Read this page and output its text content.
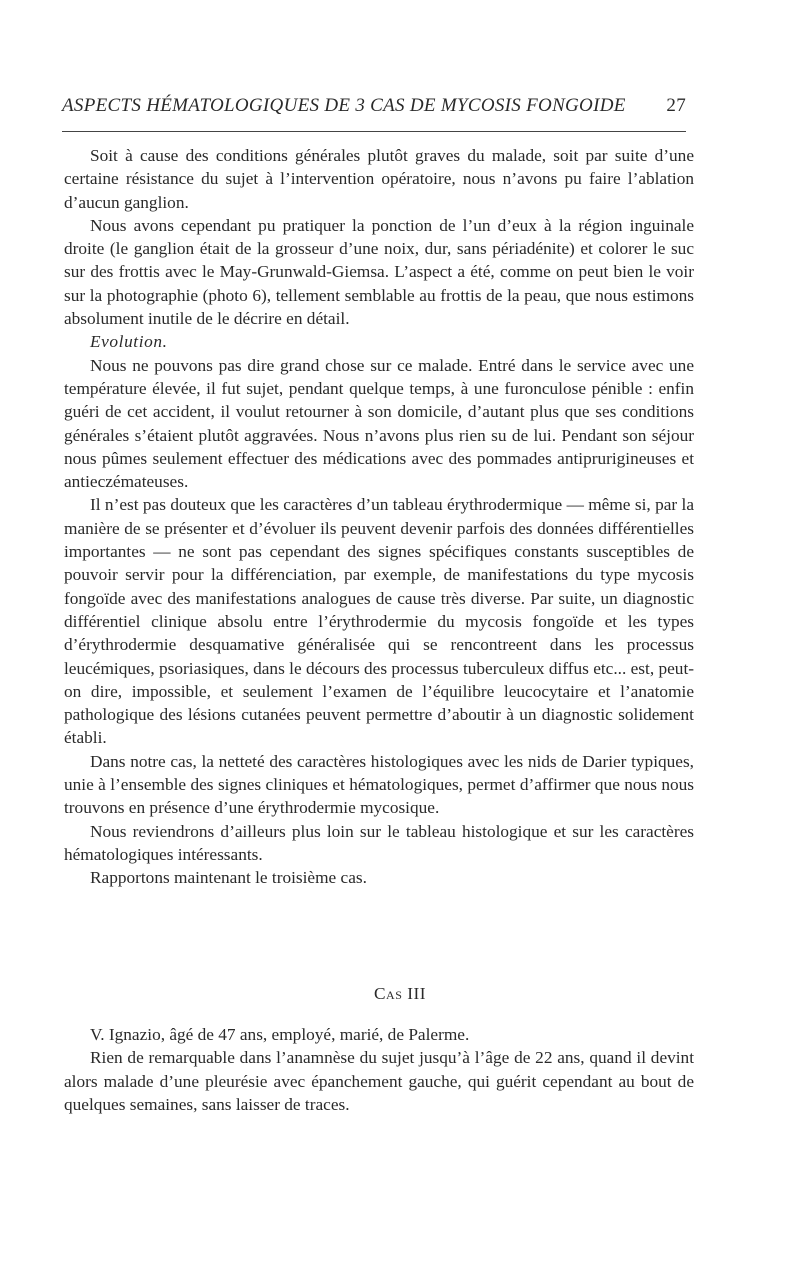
ASPECTS HÉMATOLOGIQUES DE 3 CAS DE MYCOSIS FONGOIDE 27

Soit à cause des conditions générales plutôt graves du malade, soit par suite d’une certaine résistance du sujet à l’intervention opératoire, nous n’avons pu faire l’ablation d’aucun ganglion.

Nous avons cependant pu pratiquer la ponction de l’un d’eux à la région inguinale droite (le ganglion était de la grosseur d’une noix, dur, sans périadénite) et colorer le suc sur des frottis avec le May-Grunwald-Giemsa. L’aspect a été, comme on peut bien le voir sur la photographie (photo 6), tellement semblable au frottis de la peau, que nous estimons absolument inutile de le décrire en détail.

Evolution.

Nous ne pouvons pas dire grand chose sur ce malade. Entré dans le service avec une température élevée, il fut sujet, pendant quelque temps, à une furonculose pénible : enfin guéri de cet accident, il voulut retourner à son domicile, d’autant plus que ses conditions générales s’étaient plutôt aggravées. Nous n’avons plus rien su de lui. Pendant son séjour nous pûmes seulement effectuer des médications avec des pommades antiprurigineuses et antieczémateuses.

Il n’est pas douteux que les caractères d’un tableau érythrodermique — même si, par la manière de se présenter et d’évoluer ils peuvent devenir parfois des données différentielles importantes — ne sont pas cependant des signes spécifiques constants susceptibles de pouvoir servir pour la différenciation, par exemple, de manifestations du type mycosis fongoïde avec des manifestations analogues de cause très diverse. Par suite, un diagnostic différentiel clinique absolu entre l’érythrodermie du mycosis fongoïde et les types d’érythrodermie desquamative généralisée qui se rencontreent dans les processus leucémiques, psoriasiques, dans le décours des processus tuberculeux diffus etc... est, peut-on dire, impossible, et seulement l’examen de l’équilibre leucocytaire et l’anatomie pathologique des lésions cutanées peuvent permettre d’aboutir à un diagnostic solidement établi.

Dans notre cas, la netteté des caractères histologiques avec les nids de Darier typiques, unie à l’ensemble des signes cliniques et hématologiques, permet d’affirmer que nous nous trouvons en présence d’une érythrodermie mycosique.

Nous reviendrons d’ailleurs plus loin sur le tableau histologique et sur les caractères hématologiques intéressants.

Rapportons maintenant le troisième cas.

Cas III

V. Ignazio, âgé de 47 ans, employé, marié, de Palerme.

Rien de remarquable dans l’anamnèse du sujet jusqu’à l’âge de 22 ans, quand il devint alors malade d’une pleurésie avec épanchement gauche, qui guérit cependant au bout de quelques semaines, sans laisser de traces.
